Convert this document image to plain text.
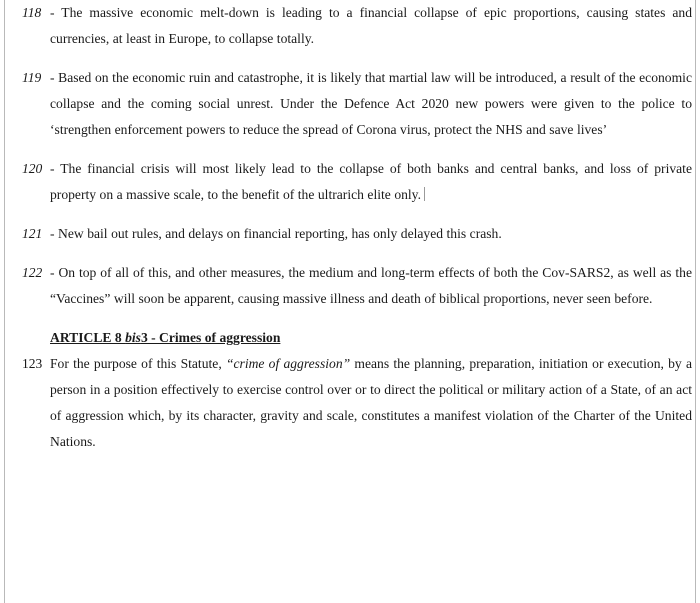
118 - The massive economic melt-down is leading to a financial collapse of epic proportions, causing states and currencies, at least in Europe, to collapse totally.
119 - Based on the economic ruin and catastrophe, it is likely that martial law will be introduced, a result of the economic collapse and the coming social unrest. Under the Defence Act 2020 new powers were given to the police to ‘strengthen enforcement powers to reduce the spread of Corona virus, protect the NHS and save lives’
120 - The financial crisis will most likely lead to the collapse of both banks and central banks, and loss of private property on a massive scale, to the benefit of the ultrarich elite only.
121 - New bail out rules, and delays on financial reporting, has only delayed this crash.
122 - On top of all of this, and other measures, the medium and long-term effects of both the Cov-SARS2, as well as the “Vaccines” will soon be apparent, causing massive illness and death of biblical proportions, never seen before.
ARTICLE 8 bis3 - Crimes of aggression
123 For the purpose of this Statute, “crime of aggression” means the planning, preparation, initiation or execution, by a person in a position effectively to exercise control over or to direct the political or military action of a State, of an act of aggression which, by its character, gravity and scale, constitutes a manifest violation of the Charter of the United Nations.
